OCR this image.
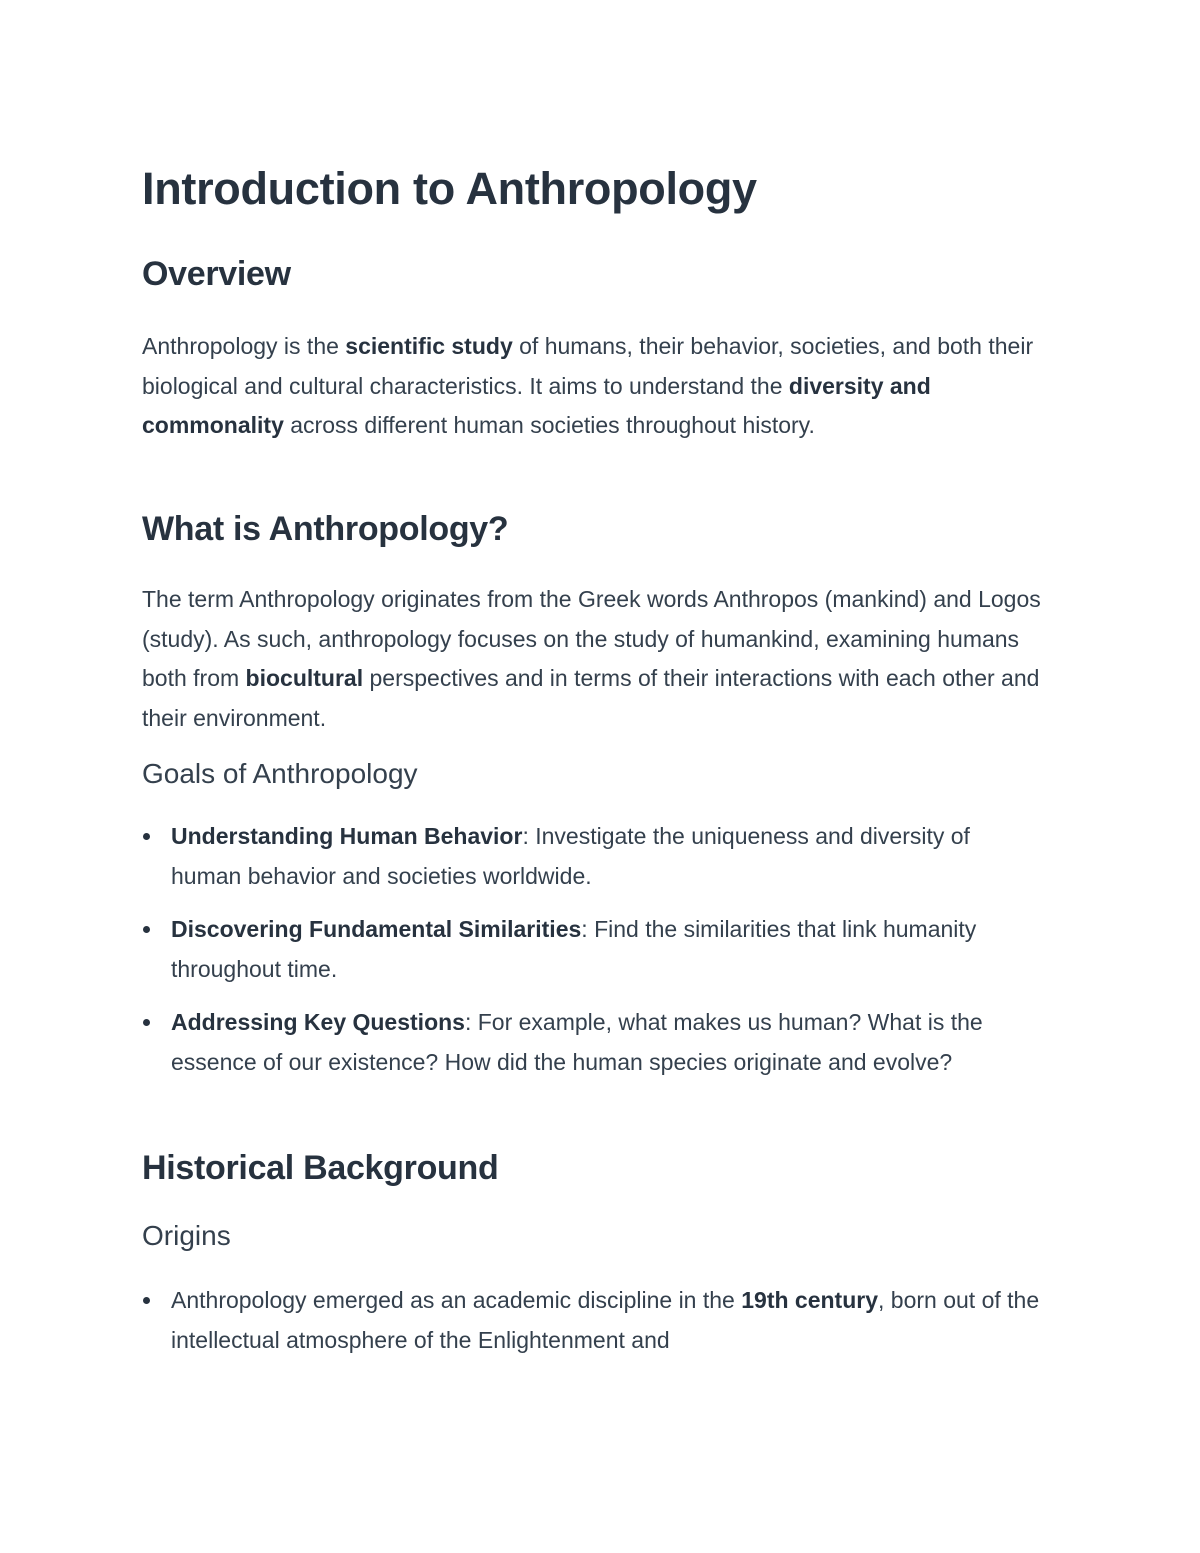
Introduction to Anthropology
Overview

Anthropology is the scientific study of humans, their behavior, societies, and both their biological and cultural characteristics. It aims to understand the diversity and commonality across different human societies throughout history.

What is Anthropology?

The term Anthropology originates from the Greek words Anthropos (mankind) and Logos (study). As such, anthropology focuses on the study of humankind, examining humans both from biocultural perspectives and in terms of their interactions with each other and their environment.

Goals of Anthropology
Understanding Human Behavior: Investigate the uniqueness and diversity of human behavior and societies worldwide.
Discovering Fundamental Similarities: Find the similarities that link humanity throughout time.
Addressing Key Questions: For example, what makes us human? What is the essence of our existence? How did the human species originate and evolve?
Historical Background
Origins
Anthropology emerged as an academic discipline in the 19th century, born out of the intellectual atmosphere of the Enlightenment and
